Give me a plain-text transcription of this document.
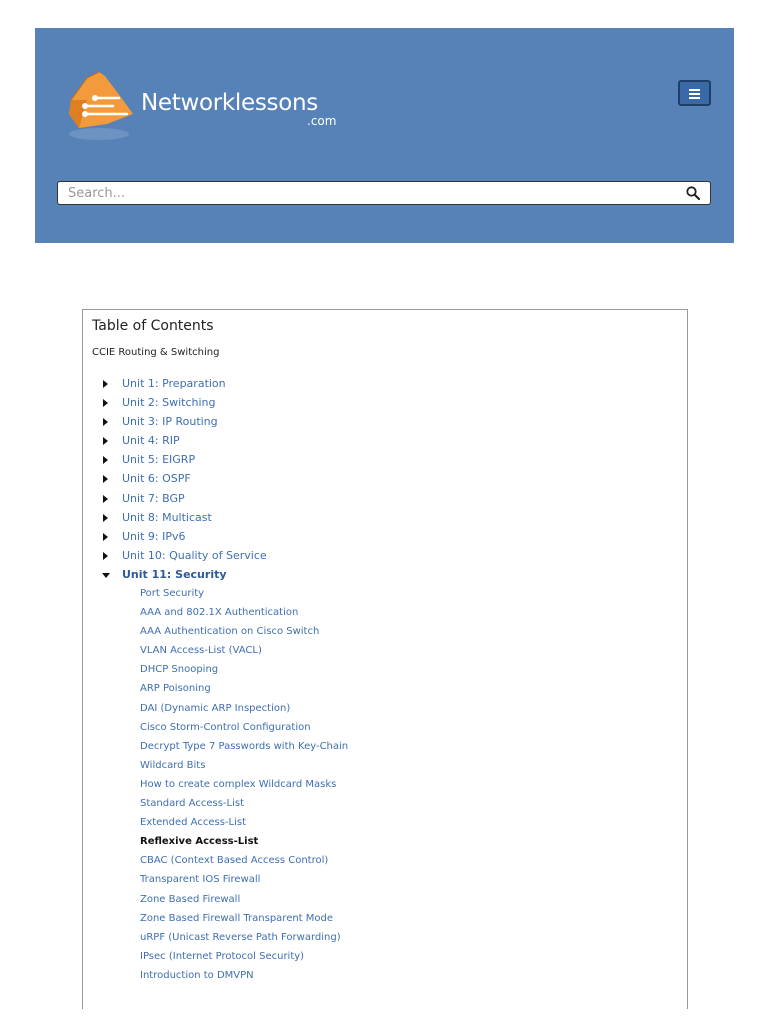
Networklessons
.com
Search...
Table of Contents
CCIE Routing & Switching
Unit 1: Preparation
Unit 2: Switching
Unit 3: IP Routing
Unit 4: RIP
Unit 5: EIGRP
Unit 6: OSPF
Unit 7: BGP
Unit 8: Multicast
Unit 9: IPv6
Unit 10: Quality of Service
Unit 11: Security
Port Security
AAA and 802.1X Authentication
AAA Authentication on Cisco Switch
VLAN Access-List (VACL)
DHCP Snooping
ARP Poisoning
DAI (Dynamic ARP Inspection)
Cisco Storm-Control Configuration
Decrypt Type 7 Passwords with Key-Chain
Wildcard Bits
How to create complex Wildcard Masks
Standard Access-List
Extended Access-List
Reflexive Access-List
CBAC (Context Based Access Control)
Transparent IOS Firewall
Zone Based Firewall
Zone Based Firewall Transparent Mode
uRPF (Unicast Reverse Path Forwarding)
IPsec (Internet Protocol Security)
Introduction to DMVPN
